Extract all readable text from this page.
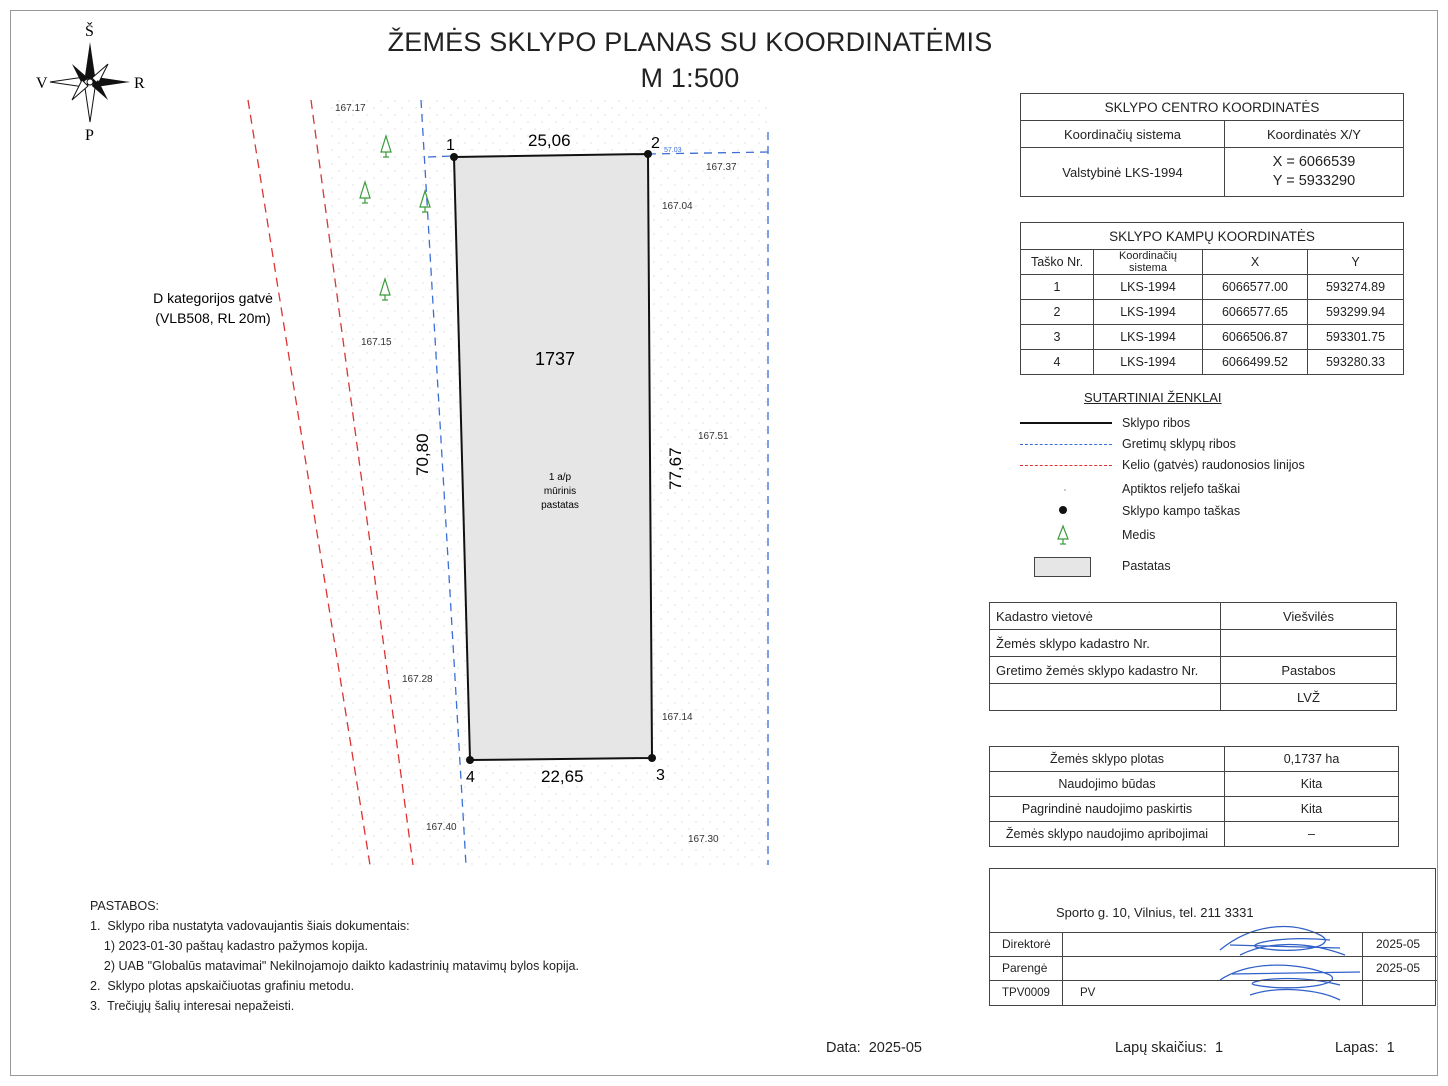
ŽEMĖS SKLYPO PLANAS SU KOORDINATĖMIS
M 1:500
Š
P
V	R
1	2
3
4
25,06
22,65
70,80	77,67
1737
1 a/p
mūrinis
pastatas
D kategorijos gatvė
(VLB508, RL 20m)
167.17
167.37
167.04
167.15
167.51
167.28
167.14
167.40
167.30
57.03
SKLYPO CENTRO KOORDINATĖS	
Koordinačių sistema	Koordinatės X/Y
Valstybinė LKS-1994	X = 6066539
Y = 5933290
SKLYPO KAMPŲ KOORDINATĖS			
Taško Nr.	Koordinačių sistema	X	Y
1	LKS-1994	6066577.00	593274.89
2	LKS-1994	6066577.65	593299.94
3	LKS-1994	6066506.87	593301.75
4	LKS-1994	6066499.52	593280.33
SUTARTINIAI ŽENKLAI
Sklypo ribos
Gretimų sklypų ribos
Kelio (gatvės) raudonosios linijos
Aptiktos reljefo taškai
Sklypo kampo taškas
Medis
Pastatas
Kadastro vietovė	Viešvilės
Žemės sklypo kadastro Nr.	
Gretimo žemės sklypo kadastro Nr.	Pastabos
	LVŽ
Žemės sklypo plotas	0,1737 ha
Naudojimo būdas	Kita
Pagrindinė naudojimo paskirtis	Kita
Žemės sklypo naudojimo apribojimai	–
Sporto g. 10, Vilnius, tel. 211 3331
Direktorė	2025-05
Parengė	2025-05
TPV0009	PV
PASTABOS:
1.  Sklypo riba nustatyta vadovaujantis šiais dokumentais:
1) 2023-01-30 paštaų kadastro pažymos kopija.
2) UAB "Globalūs matavimai" Nekilnojamojo daikto kadastrinių matavimų bylos kopija.
2.  Sklypo plotas apskaičiuotas grafiniu metodu.
3.  Trečiųjų šalių interesai nepažeisti.
Data: 2025-05	Lapų skaičius: 1	Lapas: 1
